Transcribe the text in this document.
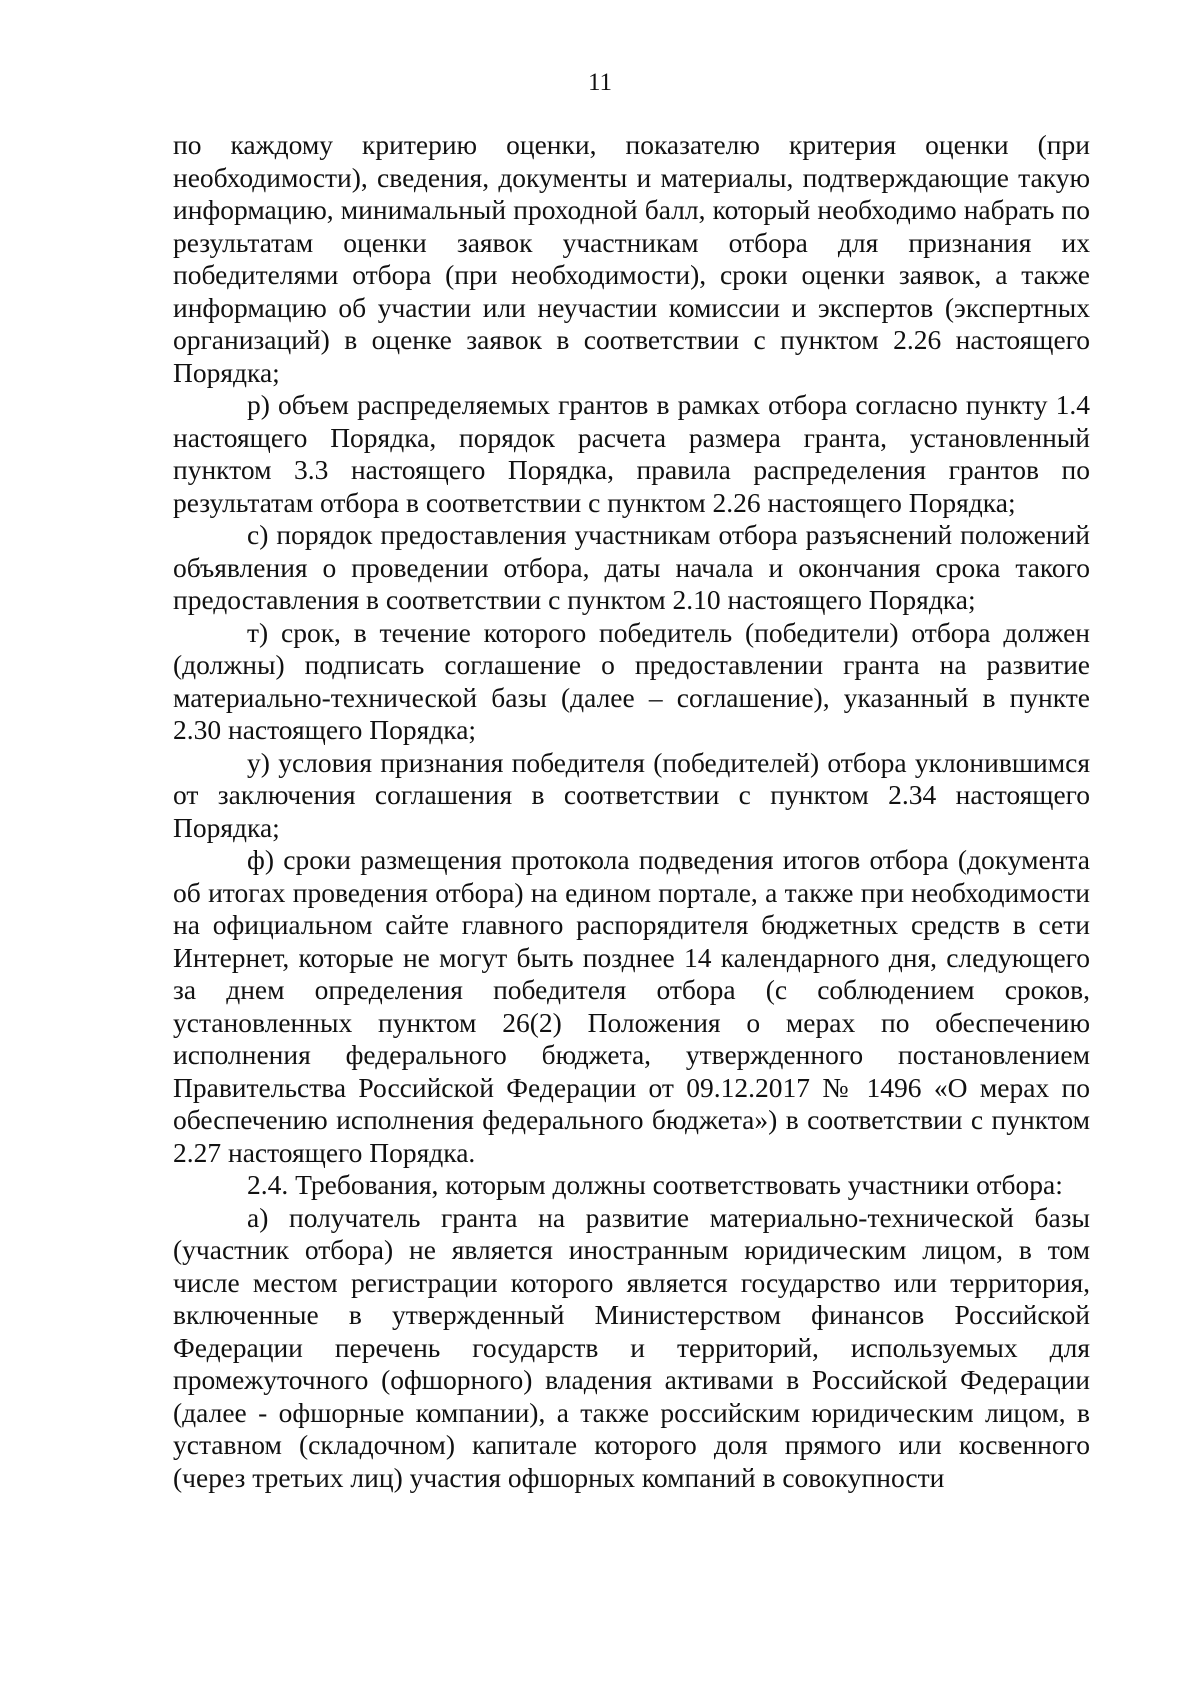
11

по каждому критерию оценки, показателю критерия оценки (при необходимости), сведения, документы и материалы, подтверждающие такую информацию, минимальный проходной балл, который необходимо набрать по результатам оценки заявок участникам отбора для признания их победителями отбора (при необходимости), сроки оценки заявок, а также информацию об участии или неучастии комиссии и экспертов (экспертных организаций) в оценке заявок в соответствии с пунктом 2.26 настоящего Порядка;

р) объем распределяемых грантов в рамках отбора согласно пункту 1.4 настоящего Порядка, порядок расчета размера гранта, установленный пунктом 3.3 настоящего Порядка, правила распределения грантов по результатам отбора в соответствии с пунктом 2.26 настоящего Порядка;

с) порядок предоставления участникам отбора разъяснений положений объявления о проведении отбора, даты начала и окончания срока такого предоставления в соответствии с пунктом 2.10 настоящего Порядка;

т) срок, в течение которого победитель (победители) отбора должен (должны) подписать соглашение о предоставлении гранта на развитие материально-технической базы (далее – соглашение), указанный в пункте 2.30 настоящего Порядка;

у) условия признания победителя (победителей) отбора уклонившимся от заключения соглашения в соответствии с пунктом 2.34 настоящего Порядка;

ф) сроки размещения протокола подведения итогов отбора (документа об итогах проведения отбора) на едином портале, а также при необходимости на официальном сайте главного распорядителя бюджетных средств в сети Интернет, которые не могут быть позднее 14 календарного дня, следующего за днем определения победителя отбора (с соблюдением сроков, установленных пунктом 26(2) Положения о мерах по обеспечению исполнения федерального бюджета, утвержденного постановлением Правительства Российской Федерации от 09.12.2017 № 1496 «О мерах по обеспечению исполнения федерального бюджета») в соответствии с пунктом 2.27 настоящего Порядка.

2.4. Требования, которым должны соответствовать участники отбора:

а) получатель гранта на развитие материально-технической базы (участник отбора) не является иностранным юридическим лицом, в том числе местом регистрации которого является государство или территория, включенные в утвержденный Министерством финансов Российской Федерации перечень государств и территорий, используемых для промежуточного (офшорного) владения активами в Российской Федерации (далее - офшорные компании), а также российским юридическим лицом, в уставном (складочном) капитале которого доля прямого или косвенного (через третьих лиц) участия офшорных компаний в совокупности
